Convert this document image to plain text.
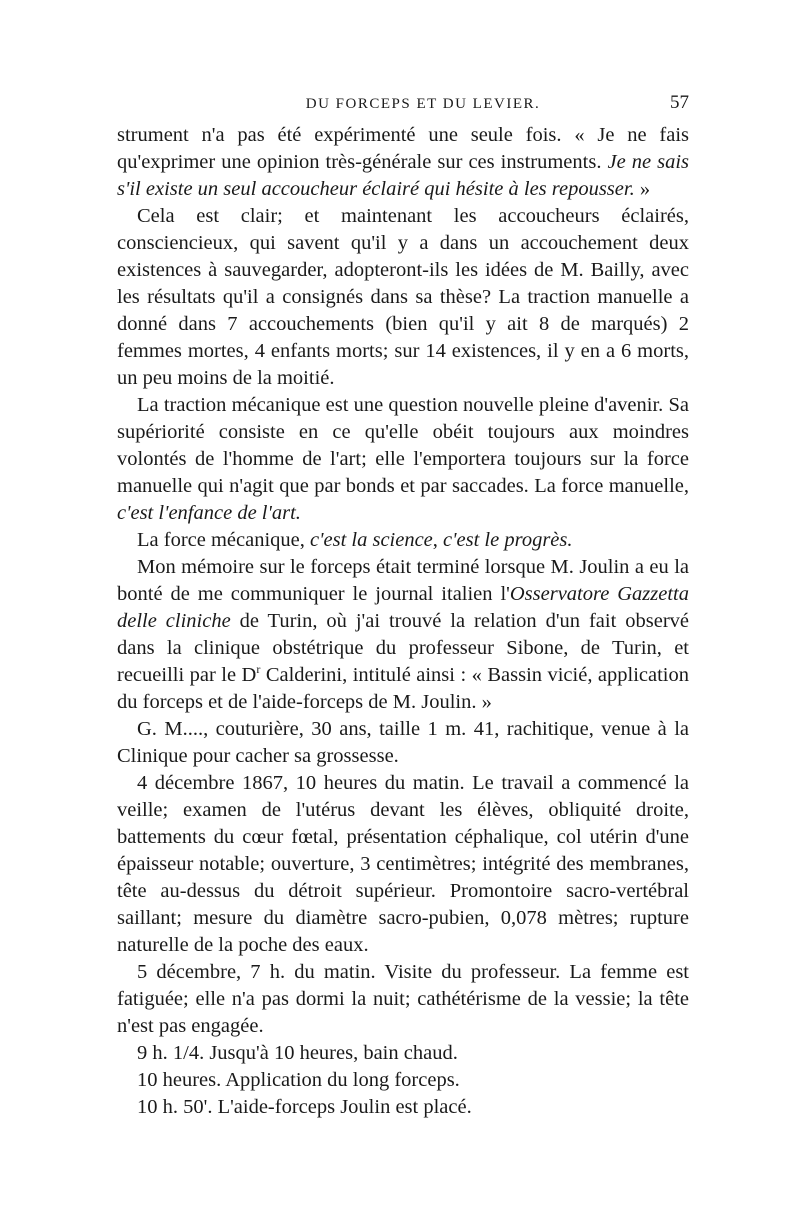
DU FORCEPS ET DU LEVIER.	57

strument n'a pas été expérimenté une seule fois. « Je ne fais qu'exprimer une opinion très-générale sur ces instruments. Je ne sais s'il existe un seul accoucheur éclairé qui hésite à les repousser. »

Cela est clair; et maintenant les accoucheurs éclairés, consciencieux, qui savent qu'il y a dans un accouchement deux existences à sauvegarder, adopteront-ils les idées de M. Bailly, avec les résultats qu'il a consignés dans sa thèse? La traction manuelle a donné dans 7 accouchements (bien qu'il y ait 8 de marqués) 2 femmes mortes, 4 enfants morts; sur 14 existences, il y en a 6 morts, un peu moins de la moitié.

La traction mécanique est une question nouvelle pleine d'avenir. Sa supériorité consiste en ce qu'elle obéit toujours aux moindres volontés de l'homme de l'art; elle l'emportera toujours sur la force manuelle qui n'agit que par bonds et par saccades. La force manuelle, c'est l'enfance de l'art.

La force mécanique, c'est la science, c'est le progrès.

Mon mémoire sur le forceps était terminé lorsque M. Joulin a eu la bonté de me communiquer le journal italien l'Osservatore Gazzetta delle cliniche de Turin, où j'ai trouvé la relation d'un fait observé dans la clinique obstétrique du professeur Sibone, de Turin, et recueilli par le $D^r$ Calderini, intitulé ainsi : « Bassin vicié, application du forceps et de l'aide-forceps de M. Joulin. »

G. M...., couturière, 30 ans, taille 1 m. 41, rachitique, venue à la Clinique pour cacher sa grossesse.

4 décembre 1867, 10 heures du matin. Le travail a commencé la veille; examen de l'utérus devant les élèves, obliquité droite, battements du cœur fœtal, présentation céphalique, col utérin d'une épaisseur notable; ouverture, 3 centimètres; intégrité des membranes, tête au-dessus du détroit supérieur. Promontoire sacro-vertébral saillant; mesure du diamètre sacro-pubien, 0,078 mètres; rupture naturelle de la poche des eaux.

5 décembre, 7 h. du matin. Visite du professeur. La femme est fatiguée; elle n'a pas dormi la nuit; cathétérisme de la vessie; la tête n'est pas engagée.

9 h. 1/4. Jusqu'à 10 heures, bain chaud.

10 heures. Application du long forceps.

10 h. 50'. L'aide-forceps Joulin est placé.
